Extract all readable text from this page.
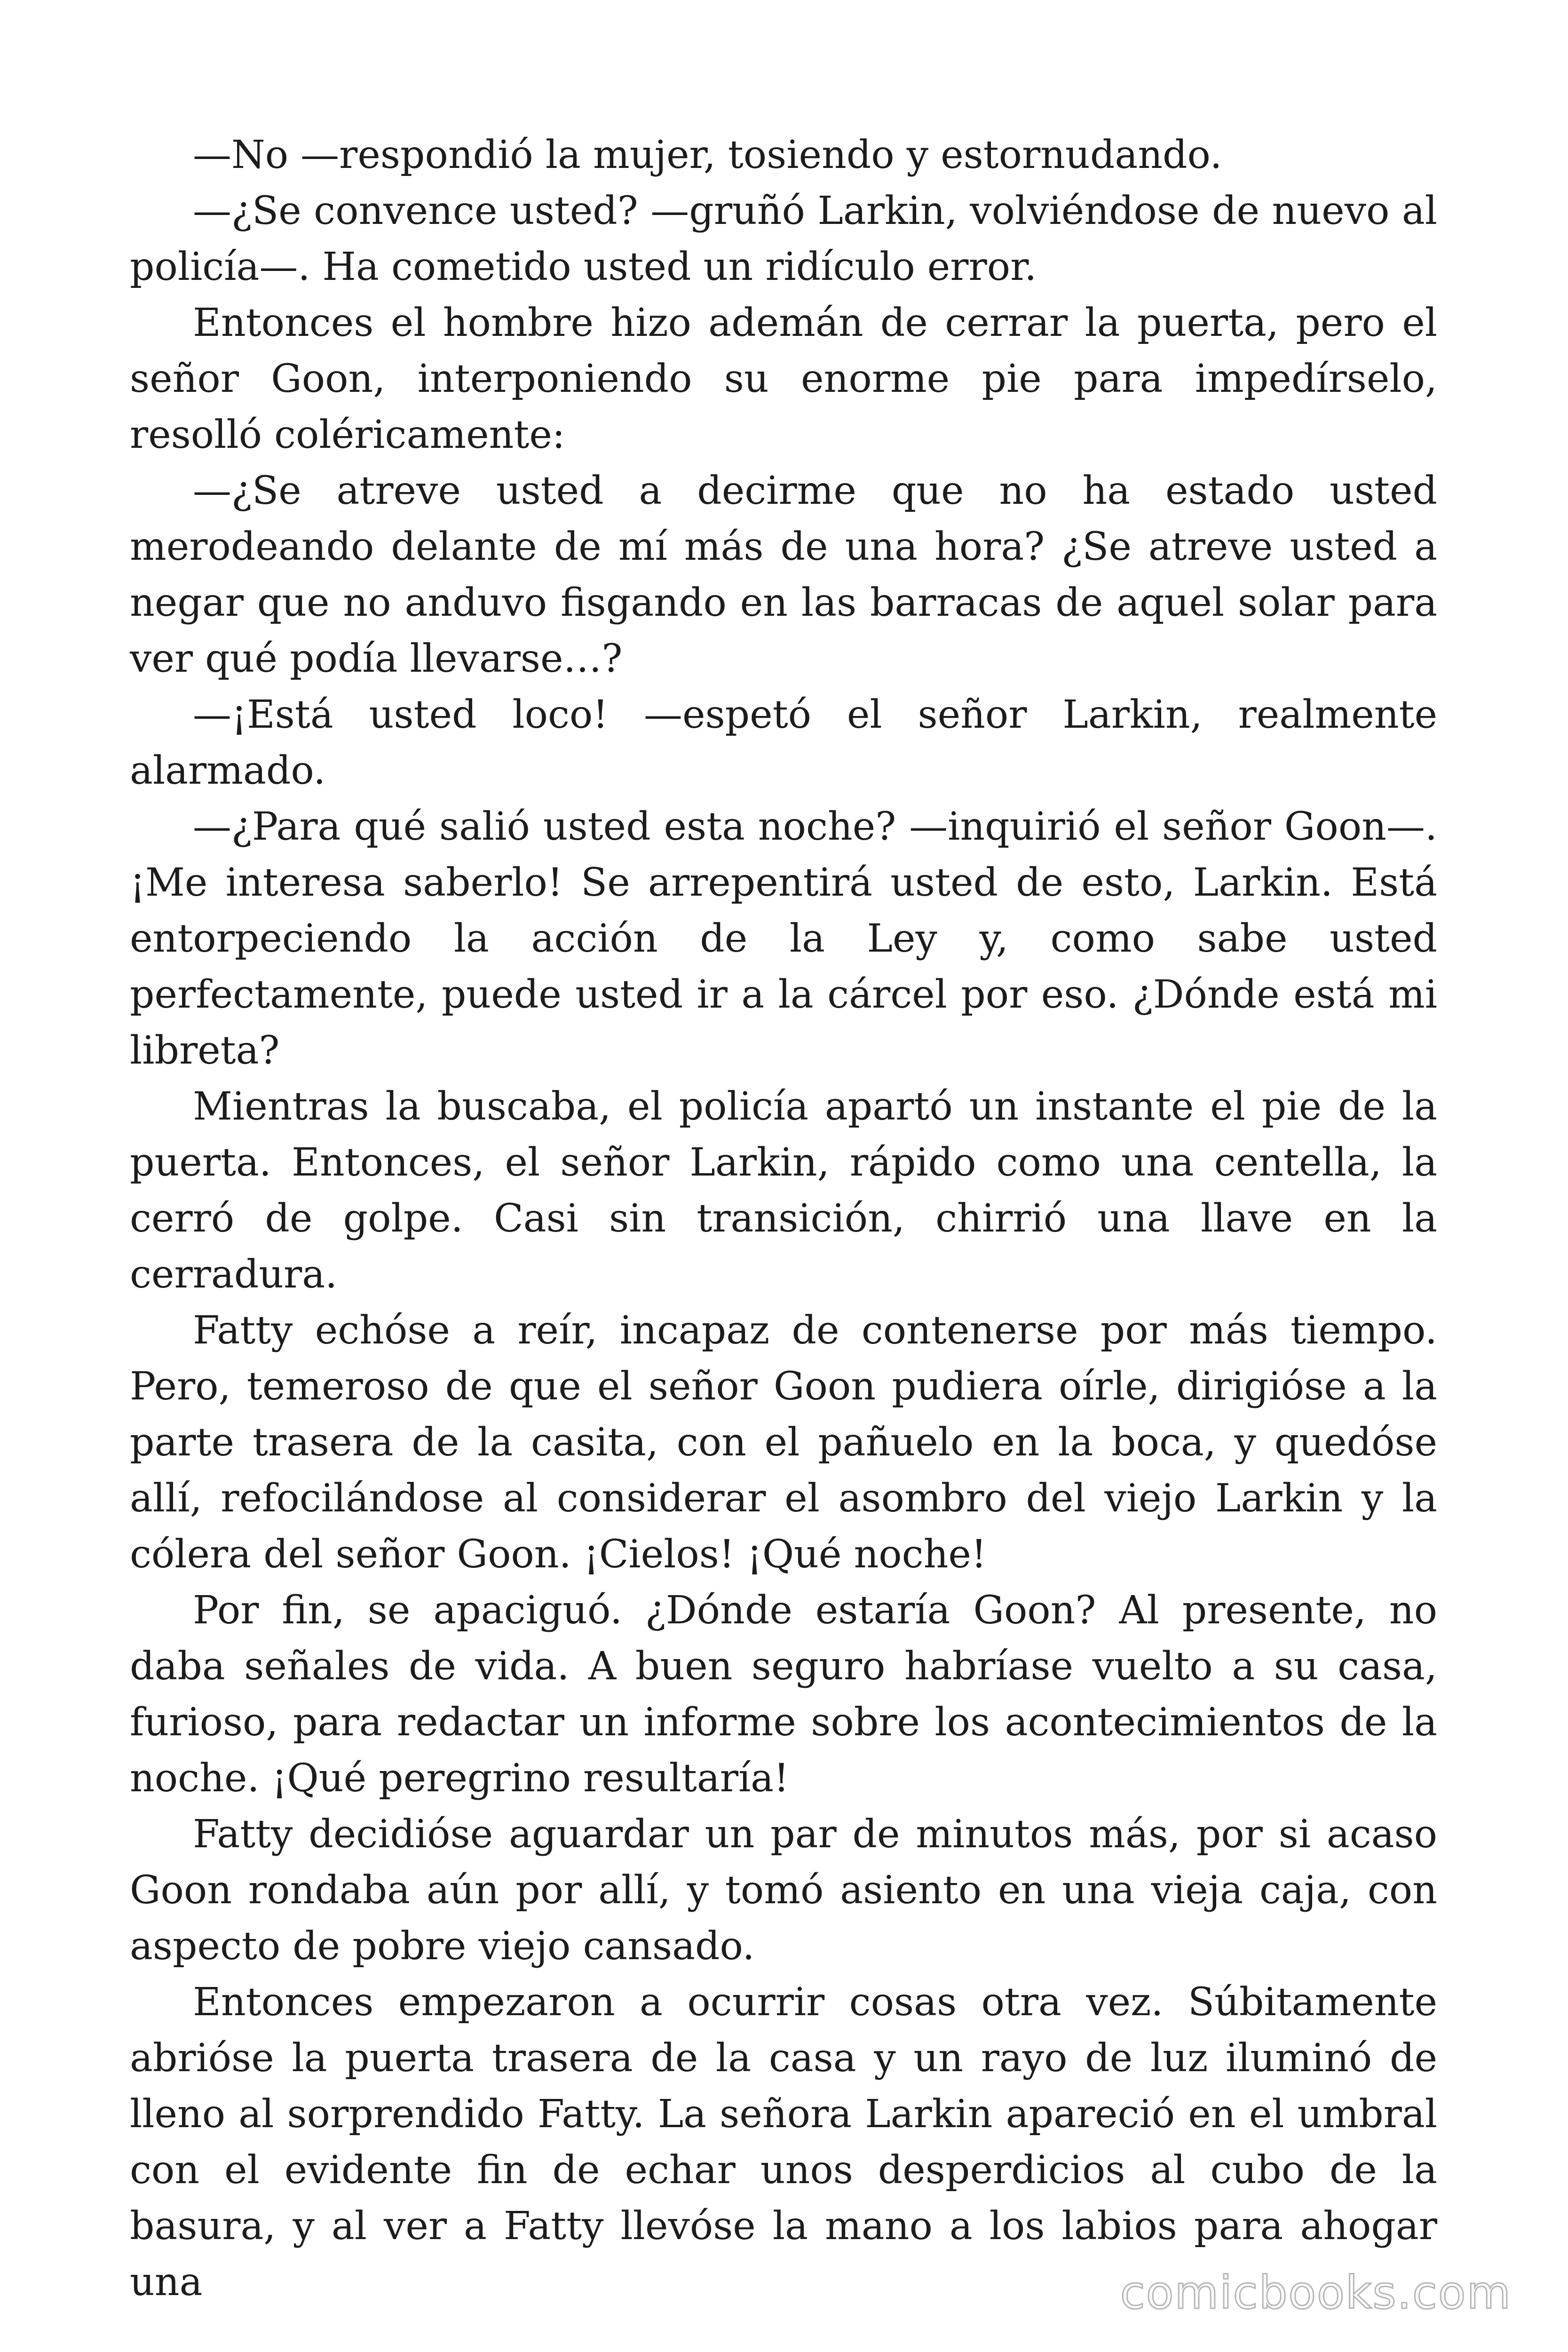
—No —respondió la mujer, tosiendo y estornudando.

—¿Se convence usted? —gruñó Larkin, volviéndose de nuevo al policía—. Ha cometido usted un ridículo error.

Entonces el hombre hizo ademán de cerrar la puerta, pero el señor Goon, interponiendo su enorme pie para impedírselo, resolló coléricamente:

—¿Se atreve usted a decirme que no ha estado usted merodeando delante de mí más de una hora? ¿Se atreve usted a negar que no anduvo fisgando en las barracas de aquel solar para ver qué podía llevarse…?

—¡Está usted loco! —espetó el señor Larkin, realmente alarmado.

—¿Para qué salió usted esta noche? —inquirió el señor Goon—. ¡Me interesa saberlo! Se arrepentirá usted de esto, Larkin. Está entorpeciendo la acción de la Ley y, como sabe usted perfectamente, puede usted ir a la cárcel por eso. ¿Dónde está mi libreta?

Mientras la buscaba, el policía apartó un instante el pie de la puerta. Entonces, el señor Larkin, rápido como una centella, la cerró de golpe. Casi sin transición, chirrió una llave en la cerradura.

Fatty echóse a reír, incapaz de contenerse por más tiempo. Pero, temeroso de que el señor Goon pudiera oírle, dirigióse a la parte trasera de la casita, con el pañuelo en la boca, y quedóse allí, refocilándose al considerar el asombro del viejo Larkin y la cólera del señor Goon. ¡Cielos! ¡Qué noche!

Por fin, se apaciguó. ¿Dónde estaría Goon? Al presente, no daba señales de vida. A buen seguro habríase vuelto a su casa, furioso, para redactar un informe sobre los acontecimientos de la noche. ¡Qué peregrino resultaría!

Fatty decidióse aguardar un par de minutos más, por si acaso Goon rondaba aún por allí, y tomó asiento en una vieja caja, con aspecto de pobre viejo cansado.

Entonces empezaron a ocurrir cosas otra vez. Súbitamente abrióse la puerta trasera de la casa y un rayo de luz iluminó de lleno al sorprendido Fatty. La señora Larkin apareció en el umbral con el evidente fin de echar unos desperdicios al cubo de la basura, y al ver a Fatty llevóse la mano a los labios para ahogar una	comicbooks.com
